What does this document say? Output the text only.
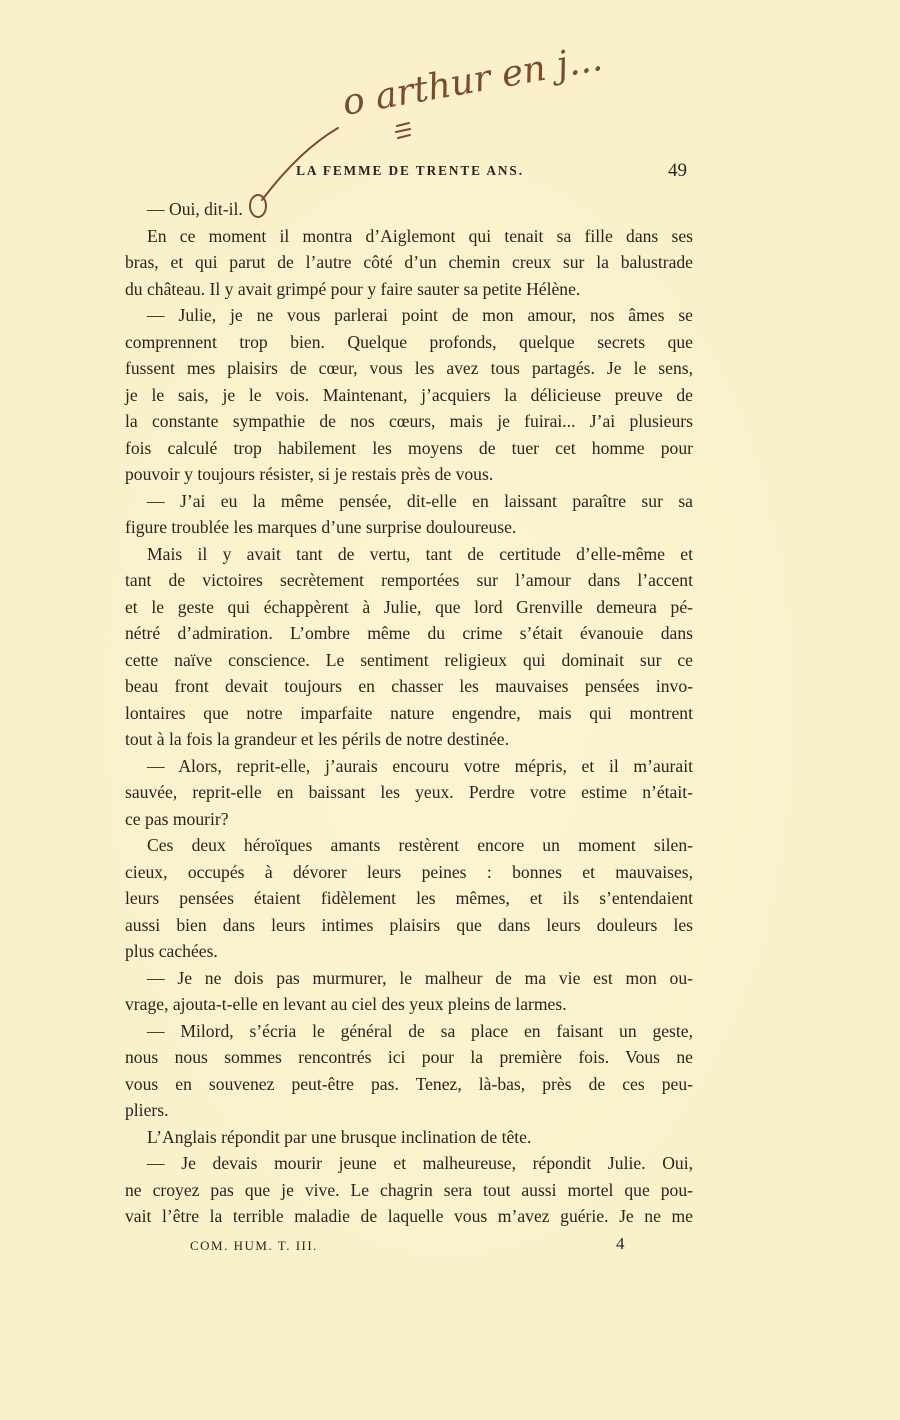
o arthur en j...
LA FEMME DE TRENTE ANS.	49
— Oui, dit-il.
En ce moment il montra d’Aiglemont qui tenait sa fille dans ses
bras, et qui parut de l’autre côté d’un chemin creux sur la balustrade
du château. Il y avait grimpé pour y faire sauter sa petite Hélène.
— Julie, je ne vous parlerai point de mon amour, nos âmes se
comprennent trop bien. Quelque profonds, quelque secrets que
fussent mes plaisirs de cœur, vous les avez tous partagés. Je le sens,
je le sais, je le vois. Maintenant, j’acquiers la délicieuse preuve de
la constante sympathie de nos cœurs, mais je fuirai... J’ai plusieurs
fois calculé trop habilement les moyens de tuer cet homme pour
pouvoir y toujours résister, si je restais près de vous.
— J’ai eu la même pensée, dit-elle en laissant paraître sur sa
figure troublée les marques d’une surprise douloureuse.
Mais il y avait tant de vertu, tant de certitude d’elle-même et
tant de victoires secrètement remportées sur l’amour dans l’accent
et le geste qui échappèrent à Julie, que lord Grenville demeura pé-
nétré d’admiration. L’ombre même du crime s’était évanouie dans
cette naïve conscience. Le sentiment religieux qui dominait sur ce
beau front devait toujours en chasser les mauvaises pensées invo-
lontaires que notre imparfaite nature engendre, mais qui montrent
tout à la fois la grandeur et les périls de notre destinée.
— Alors, reprit-elle, j’aurais encouru votre mépris, et il m’aurait
sauvée, reprit-elle en baissant les yeux. Perdre votre estime n’était-
ce pas mourir?
Ces deux héroïques amants restèrent encore un moment silen-
cieux, occupés à dévorer leurs peines : bonnes et mauvaises,
leurs pensées étaient fidèlement les mêmes, et ils s’entendaient
aussi bien dans leurs intimes plaisirs que dans leurs douleurs les
plus cachées.
— Je ne dois pas murmurer, le malheur de ma vie est mon ou-
vrage, ajouta-t-elle en levant au ciel des yeux pleins de larmes.
— Milord, s’écria le général de sa place en faisant un geste,
nous nous sommes rencontrés ici pour la première fois. Vous ne
vous en souvenez peut-être pas. Tenez, là-bas, près de ces peu-
pliers.
L’Anglais répondit par une brusque inclination de tête.
— Je devais mourir jeune et malheureuse, répondit Julie. Oui,
ne croyez pas que je vive. Le chagrin sera tout aussi mortel que pou-
vait l’être la terrible maladie de laquelle vous m’avez guérie. Je ne me
COM. HUM. T. III.	4
